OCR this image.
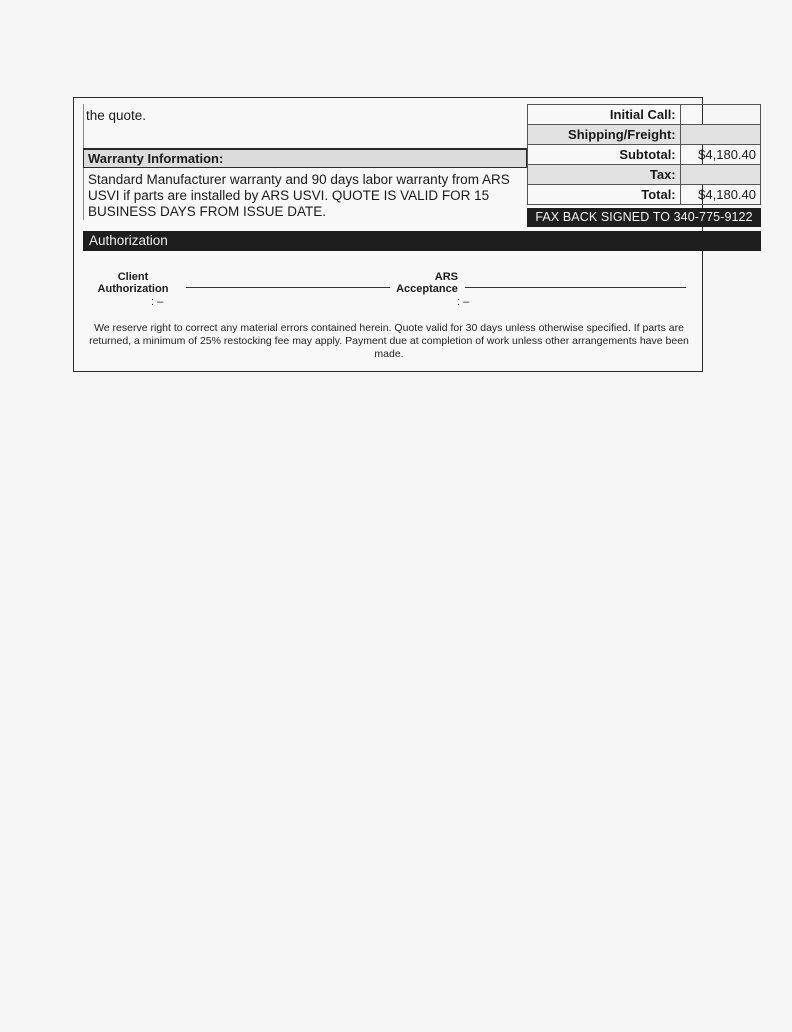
the quote.
Warranty Information:
Standard Manufacturer warranty and 90 days labor warranty from ARS USVI if parts are installed by ARS USVI. QUOTE IS VALID FOR 15 BUSINESS DAYS FROM ISSUE DATE.
Initial Call:	
Shipping/Freight:	
Subtotal:	$4,180.40
Tax:	
Total:	$4,180.40
FAX BACK SIGNED TO 340-775-9122
Authorization
Client
Authorization
: –
ARS
Acceptance
: –
We reserve right to correct any material errors contained herein. Quote valid for 30 days unless otherwise specified. If parts are returned, a minimum of 25% restocking fee may apply. Payment due at completion of work unless other arrangements have been made.
